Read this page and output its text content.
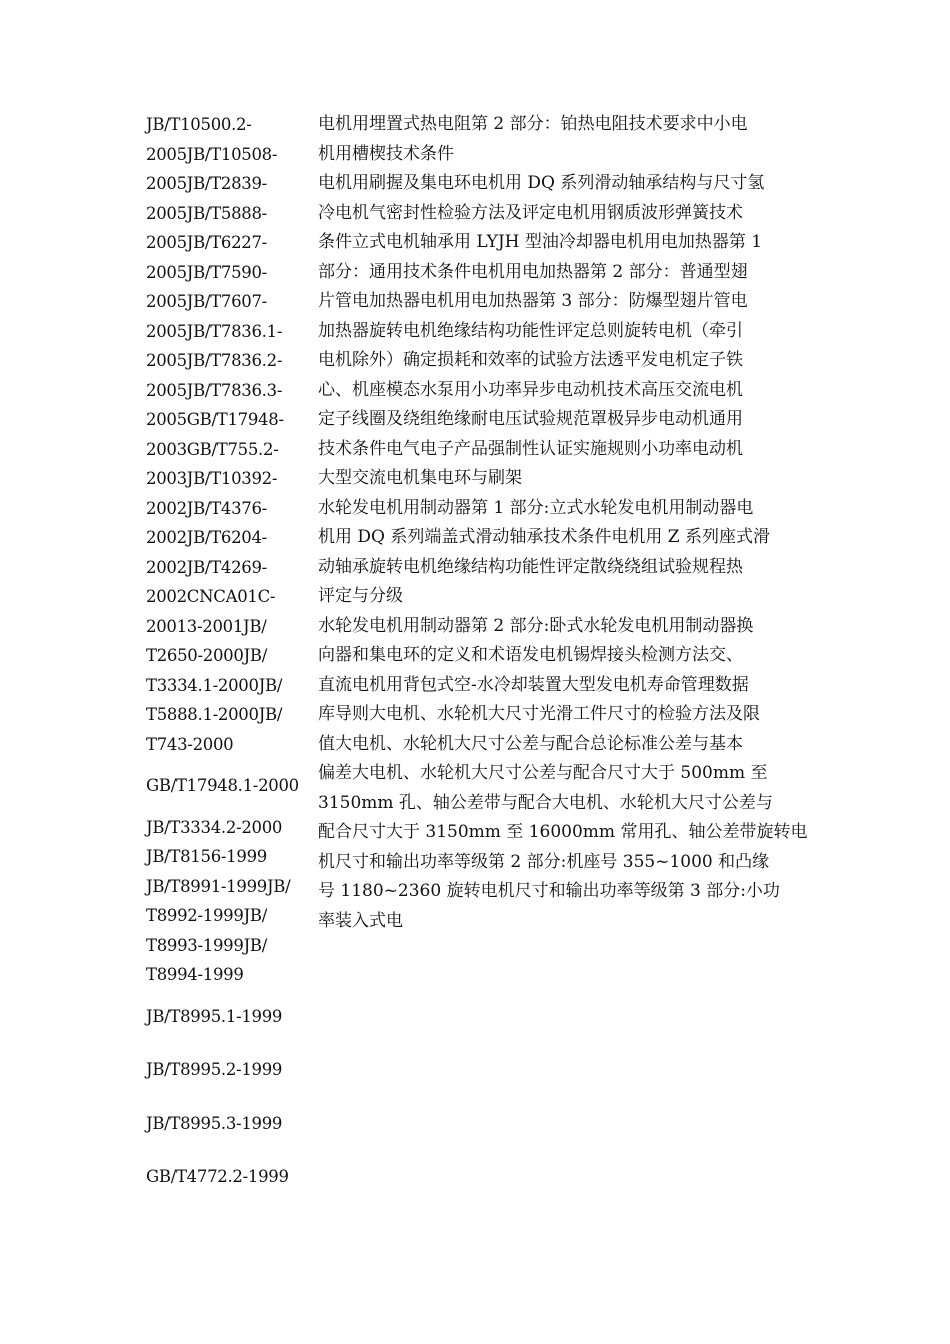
JB/T10500.2-
2005JB/T10508-
2005JB/T2839-
2005JB/T5888-
2005JB/T6227-
2005JB/T7590-
2005JB/T7607-
2005JB/T7836.1-
2005JB/T7836.2-
2005JB/T7836.3-
2005GB/T17948-
2003GB/T755.2-
2003JB/T10392-
2002JB/T4376-
2002JB/T6204-
2002JB/T4269-
2002CNCA01C-
20013-2001JB/
T2650-2000JB/
T3334.1-2000JB/
T5888.1-2000JB/
T743-2000
GB/T17948.1-2000
JB/T3334.2-2000
JB/T8156-1999
JB/T8991-1999JB/
T8992-1999JB/
T8993-1999JB/
T8994-1999
JB/T8995.1-1999
JB/T8995.2-1999
JB/T8995.3-1999
GB/T4772.2-1999
电机用埋置式热电阻第 2 部分：铂热电阻技术要求中小电
机用槽楔技术条件
电机用刷握及集电环电机用 DQ 系列滑动轴承结构与尺寸氢
冷电机气密封性检验方法及评定电机用钢质波形弹簧技术
条件立式电机轴承用 LYJH 型油冷却器电机用电加热器第 1
部分：通用技术条件电机用电加热器第 2 部分：普通型翅
片管电加热器电机用电加热器第 3 部分：防爆型翅片管电
加热器旋转电机绝缘结构功能性评定总则旋转电机（牵引
电机除外）确定损耗和效率的试验方法透平发电机定子铁
心、机座模态水泵用小功率异步电动机技术高压交流电机
定子线圈及绕组绝缘耐电压试验规范罩极异步电动机通用
技术条件电气电子产品强制性认证实施规则小功率电动机
大型交流电机集电环与刷架
水轮发电机用制动器第 1 部分:立式水轮发电机用制动器电
机用 DQ 系列端盖式滑动轴承技术条件电机用 Z 系列座式滑
动轴承旋转电机绝缘结构功能性评定散绕绕组试验规程热
评定与分级
水轮发电机用制动器第 2 部分:卧式水轮发电机用制动器换
向器和集电环的定义和术语发电机锡焊接头检测方法交、
直流电机用背包式空-水冷却装置大型发电机寿命管理数据
库导则大电机、水轮机大尺寸光滑工件尺寸的检验方法及限
值大电机、水轮机大尺寸公差与配合总论标准公差与基本
偏差大电机、水轮机大尺寸公差与配合尺寸大于 500mm 至
3150mm 孔、轴公差带与配合大电机、水轮机大尺寸公差与
配合尺寸大于 3150mm 至 16000mm 常用孔、轴公差带旋转电
机尺寸和输出功率等级第 2 部分:机座号 355~1000 和凸缘
号 1180~2360 旋转电机尺寸和输出功率等级第 3 部分:小功
率装入式电
